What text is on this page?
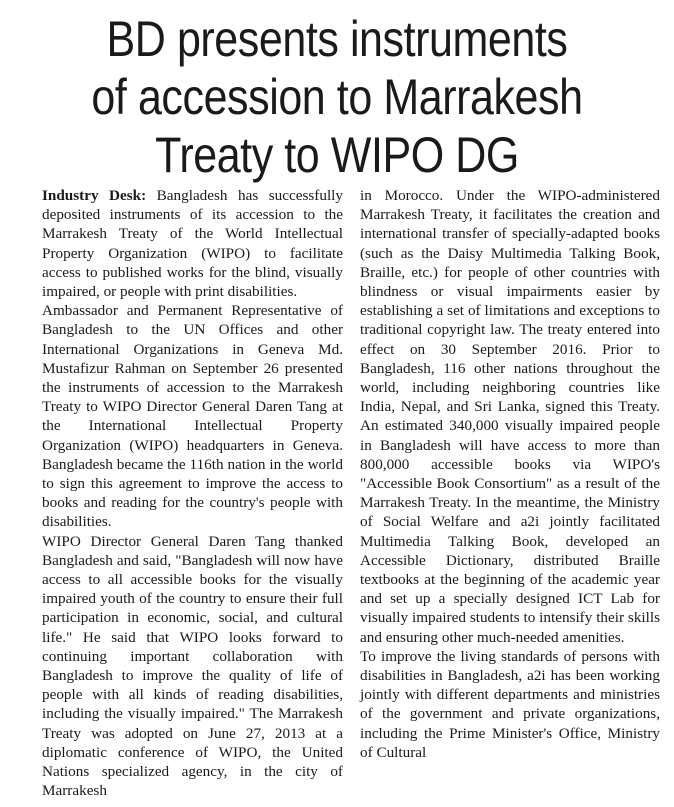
BD presents instruments
of accession to Marrakesh
Treaty to WIPO DG

Industry Desk: Bangladesh has successfully deposited instruments of its accession to the Marrakesh Treaty of the World Intellectual Property Organization (WIPO) to facilitate access to published works for the blind, visually impaired, or people with print disabilities.

Ambassador and Permanent Representative of Bangladesh to the UN Offices and other International Organizations in Geneva Md. Mustafizur Rahman on September 26 presented the instruments of accession to the Marrakesh Treaty to WIPO Director General Daren Tang at the International Intellectual Property Organization (WIPO) headquarters in Geneva. Bangladesh became the 116th nation in the world to sign this agreement to improve the access to books and reading for the country's people with disabilities.

WIPO Director General Daren Tang thanked Bangladesh and said, "Bangladesh will now have access to all accessible books for the visually impaired youth of the country to ensure their full participation in economic, social, and cultural life." He said that WIPO looks forward to continuing important collaboration with Bangladesh to improve the quality of life of people with all kinds of reading disabilities, including the visually impaired." The Marrakesh Treaty was adopted on June 27, 2013 at a diplomatic conference of WIPO, the United Nations specialized agency, in the city of Marrakesh

in Morocco. Under the WIPO-administered Marrakesh Treaty, it facilitates the creation and international transfer of specially-adapted books (such as the Daisy Multimedia Talking Book, Braille, etc.) for people of other countries with blindness or visual impairments easier by establishing a set of limitations and exceptions to traditional copyright law. The treaty entered into effect on 30 September 2016. Prior to Bangladesh, 116 other nations throughout the world, including neighboring countries like India, Nepal, and Sri Lanka, signed this Treaty. An estimated 340,000 visually impaired people in Bangladesh will have access to more than 800,000 accessible books via WIPO's "Accessible Book Consortium" as a result of the Marrakesh Treaty. In the meantime, the Ministry of Social Welfare and a2i jointly facilitated Multimedia Talking Book, developed an Accessible Dictionary, distributed Braille textbooks at the beginning of the academic year and set up a specially designed ICT Lab for visually impaired students to intensify their skills and ensuring other much-needed amenities.

To improve the living standards of persons with disabilities in Bangladesh, a2i has been working jointly with different departments and ministries of the government and private organizations, including the Prime Minister's Office, Ministry of Cultural
